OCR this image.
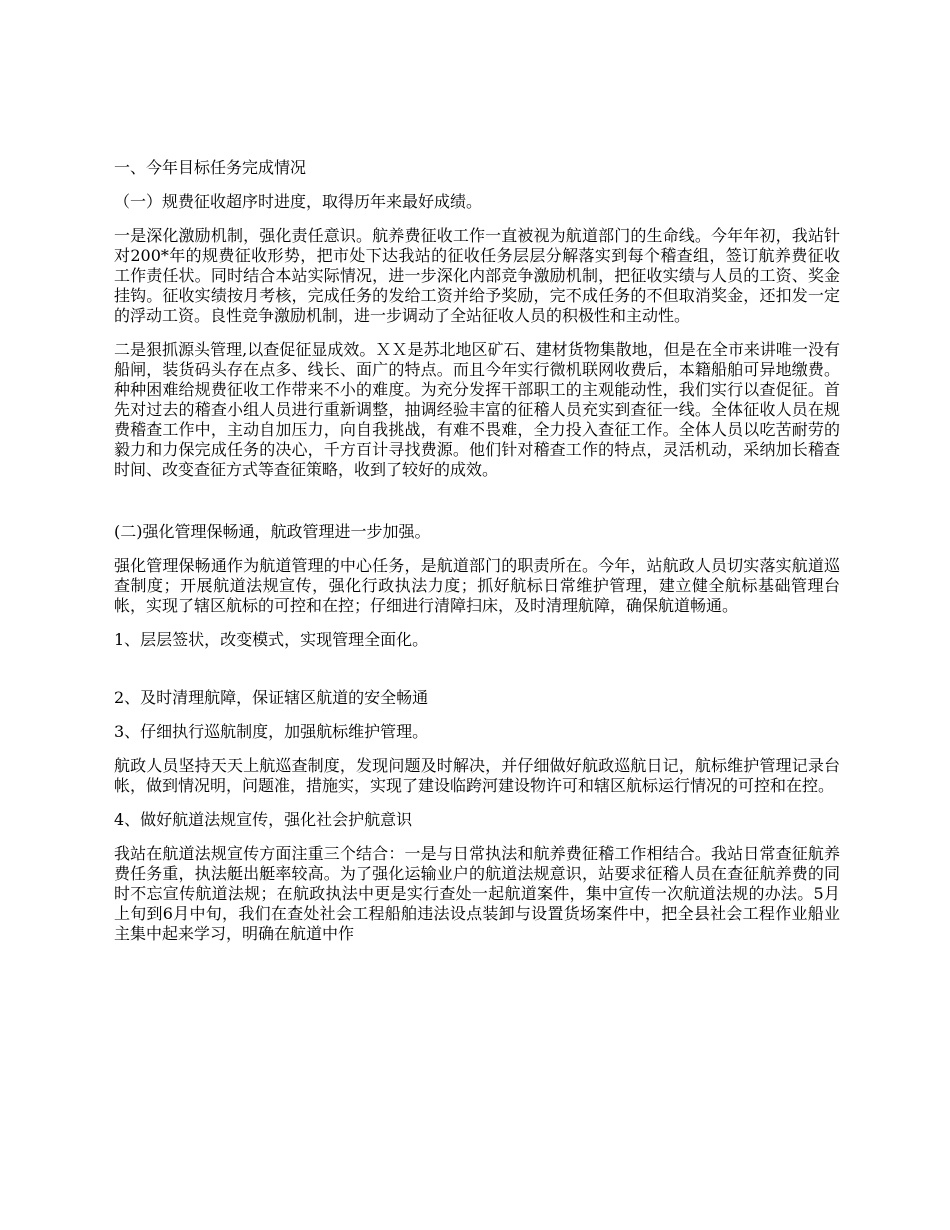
一、今年目标任务完成情况

（一）规费征收超序时进度，取得历年来最好成绩。

一是深化激励机制，强化责任意识。航养费征收工作一直被视为航道部门的生命线。今年年初，我站针对200*年的规费征收形势，把市处下达我站的征收任务层层分解落实到每个稽查组，签订航养费征收工作责任状。同时结合本站实际情况，进一步深化内部竞争激励机制，把征收实绩与人员的工资、奖金挂钩。征收实绩按月考核，完成任务的发给工资并给予奖励，完不成任务的不但取消奖金，还扣发一定的浮动工资。良性竞争激励机制，进一步调动了全站征收人员的积极性和主动性。

二是狠抓源头管理,以查促征显成效。ＸＸ是苏北地区矿石、建材货物集散地，但是在全市来讲唯一没有船闸，装货码头存在点多、线长、面广的特点。而且今年实行微机联网收费后，本籍船舶可异地缴费。种种困难给规费征收工作带来不小的难度。为充分发挥干部职工的主观能动性，我们实行以查促征。首先对过去的稽查小组人员进行重新调整，抽调经验丰富的征稽人员充实到查征一线。全体征收人员在规费稽查工作中，主动自加压力，向自我挑战，有难不畏难，全力投入查征工作。全体人员以吃苦耐劳的毅力和力保完成任务的决心，千方百计寻找费源。他们针对稽查工作的特点，灵活机动，采纳加长稽查时间、改变查征方式等查征策略，收到了较好的成效。

(二)强化管理保畅通，航政管理进一步加强。

强化管理保畅通作为航道管理的中心任务，是航道部门的职责所在。今年，站航政人员切实落实航道巡查制度；开展航道法规宣传，强化行政执法力度；抓好航标日常维护管理，建立健全航标基础管理台帐，实现了辖区航标的可控和在控；仔细进行清障扫床，及时清理航障，确保航道畅通。

1、层层签状，改变模式，实现管理全面化。

2、及时清理航障，保证辖区航道的安全畅通

3、仔细执行巡航制度，加强航标维护管理。

航政人员坚持天天上航巡查制度，发现问题及时解决，并仔细做好航政巡航日记，航标维护管理记录台帐，做到情况明，问题准，措施实，实现了建设临跨河建设物许可和辖区航标运行情况的可控和在控。

4、做好航道法规宣传，强化社会护航意识

我站在航道法规宣传方面注重三个结合：一是与日常执法和航养费征稽工作相结合。我站日常查征航养费任务重，执法艇出艇率较高。为了强化运输业户的航道法规意识，站要求征稽人员在查征航养费的同时不忘宣传航道法规；在航政执法中更是实行查处一起航道案件，集中宣传一次航道法规的办法。5月上旬到6月中旬，我们在查处社会工程船舶违法设点装卸与设置货场案件中，把全县社会工程作业船业主集中起来学习，明确在航道中作
